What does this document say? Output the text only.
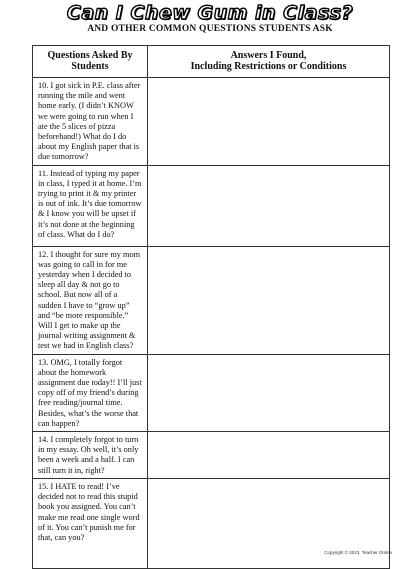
Can I Chew Gum in Class?
AND OTHER COMMON QUESTIONS STUDENTS ASK
Questions Asked By Students	Answers I Found,
Including Restrictions or Conditions

10. I got sick in P.E. class after running the mile and went home early. (I didn’t KNOW we were going to run when I ate the 5 slices of pizza beforehand!) What do I do about my English paper that is due tomorrow?	
11. Instead of typing my paper in class, I typed it at home. I’m trying to print it & my printer is out of ink. It’s due tomorrow & I know you will be upset if it’s not done at the beginning of class. What do I do?	
12. I thought for sure my mom was going to call in for me yesterday when I decided to sleep all day & not go to school. But now all of a sudden I have to “grow up” and “be more responsible.” Will I get to make up the journal writing assignment & test we had in English class?	
13. OMG, I totally forgot about the homework assignment due today!! I’ll just copy off of my friend’s during free reading/journal time. Besides, what’s the worse that can happen?	
14. I completely forgot to turn in my essay. Oh well, it’s only been a week and a half. I can still turn it in, right?	
15. I HATE to read! I’ve decided not to read this stupid book you assigned. You can’t make me read one single word of it. You can’t punish me for that, can you?	
Copyright © 2013, Teacher Online
